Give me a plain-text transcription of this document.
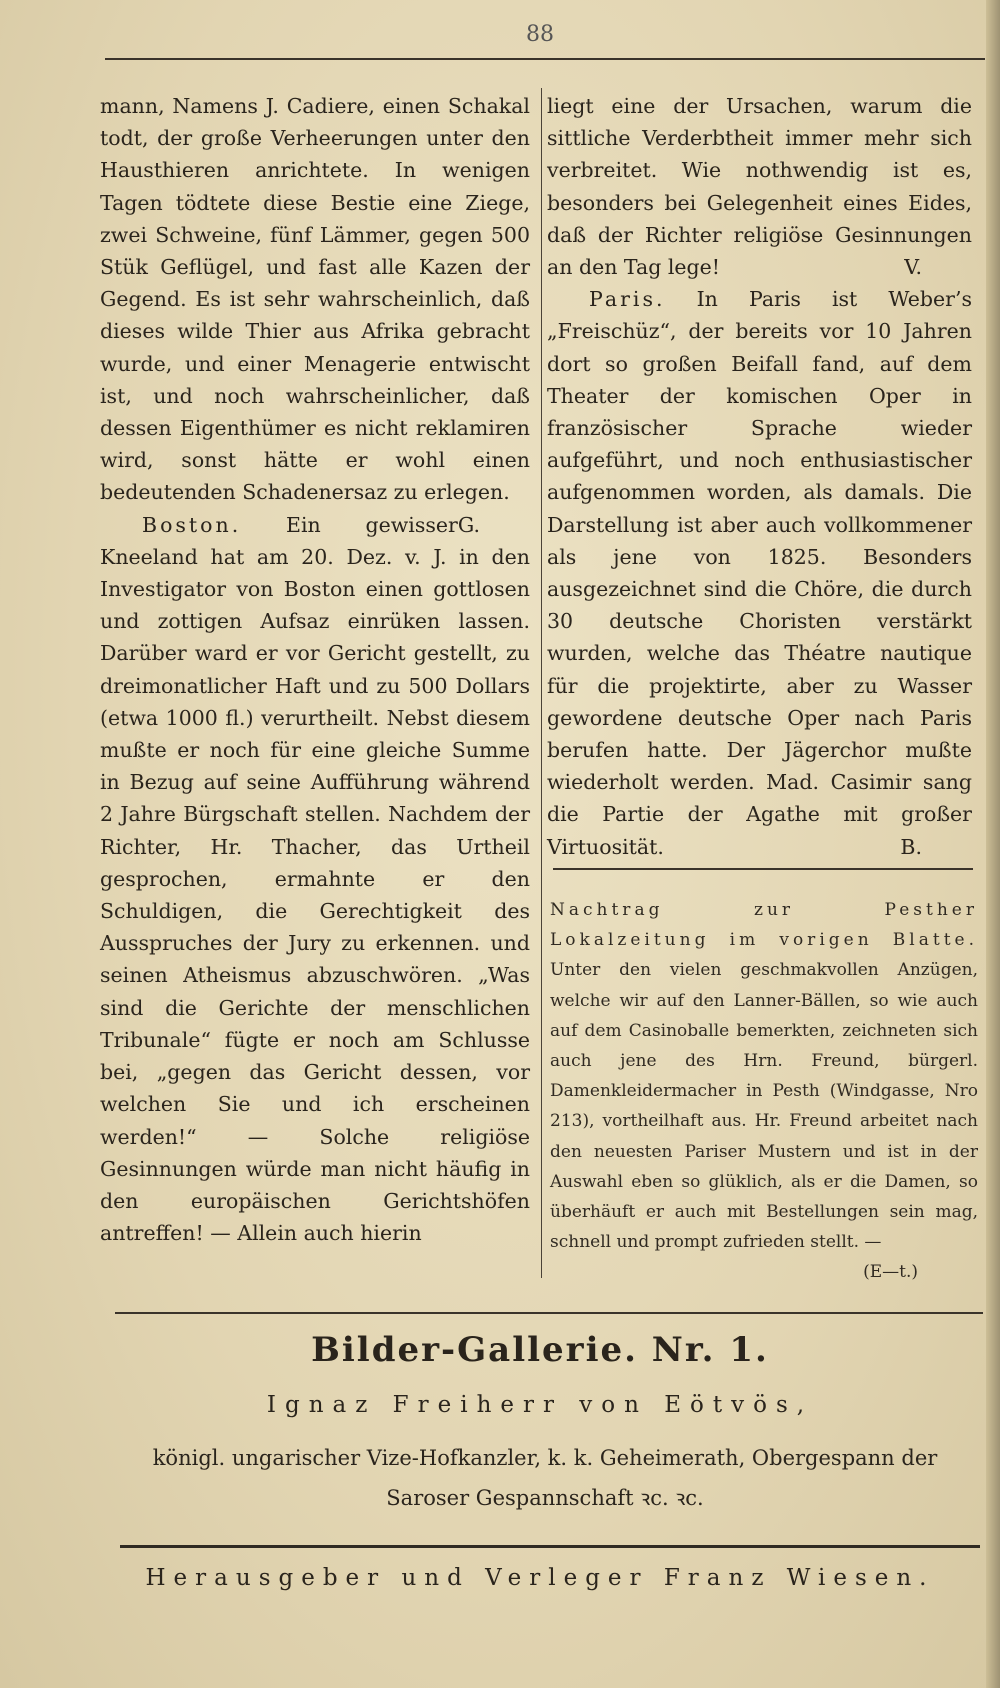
88

mann, Namens J. Cadiere, einen Schakal todt, der große Verheerungen unter den Hausthieren anrichtete. In wenigen Tagen tödtete diese Bestie eine Ziege, zwei Schweine, fünf Lämmer, gegen 500 Stük Geflügel, und fast alle Kazen der Gegend. Es ist sehr wahrscheinlich, daß dieses wilde Thier aus Afrika gebracht wurde, und einer Menagerie entwischt ist, und noch wahrscheinlicher, daß dessen Eigenthümer es nicht reklamiren wird, sonst hätte er wohl einen bedeutenden Schadenersaz zu erlegen.
G.

Boston. Ein gewisser Kneeland hat am 20. Dez. v. J. in den Investigator von Boston einen gottlosen und zottigen Aufsaz einrüken lassen. Darüber ward er vor Gericht gestellt, zu dreimonatlicher Haft und zu 500 Dollars (etwa 1000 fl.) verurtheilt. Nebst diesem mußte er noch für eine gleiche Summe in Bezug auf seine Aufführung während 2 Jahre Bürgschaft stellen. Nachdem der Richter, Hr. Thacher, das Urtheil gesprochen, ermahnte er den Schuldigen, die Gerechtigkeit des Ausspruches der Jury zu erkennen. und seinen Atheismus abzuschwören. „Was sind die Gerichte der menschlichen Tribunale“ fügte er noch am Schlusse bei, „gegen das Gericht dessen, vor welchen Sie und ich erscheinen werden!“ — Solche religiöse Gesinnungen würde man nicht häufig in den europäischen Gerichtshöfen antreffen! — Allein auch hierin

liegt eine der Ursachen, warum die sittliche Verderbtheit immer mehr sich verbreitet. Wie nothwendig ist es, besonders bei Gelegenheit eines Eides, daß der Richter religiöse Gesinnungen an den Tag lege!	V.

Paris. In Paris ist Weber’s „Freischüz“, der bereits vor 10 Jahren dort so großen Beifall fand, auf dem Theater der komischen Oper in französischer Sprache wieder aufgeführt, und noch enthusiastischer aufgenommen worden, als damals. Die Darstellung ist aber auch vollkommener als jene von 1825. Besonders ausgezeichnet sind die Chöre, die durch 30 deutsche Choristen verstärkt wurden, welche das Théatre nautique für die projektirte, aber zu Wasser gewordene deutsche Oper nach Paris berufen hatte. Der Jägerchor mußte wiederholt werden. Mad. Casimir sang die Partie der Agathe mit großer Virtuosität.	B.

Nachtrag zur Pesther Lokalzeitung im vorigen Blatte. Unter den vielen geschmakvollen Anzügen, welche wir auf den Lanner-Bällen, so wie auch auf dem Casinoballe bemerkten, zeichneten sich auch jene des Hrn. Freund, bürgerl. Damenkleidermacher in Pesth (Windgasse, Nro 213), vortheilhaft aus. Hr. Freund arbeitet nach den neuesten Pariser Mustern und ist in der Auswahl eben so glüklich, als er die Damen, so überhäuft er auch mit Bestellungen sein mag, schnell und prompt zufrieden stellt. —
(E—t.)
Bilder-Gallerie. Nr. 1.
Ignaz Freiherr von Eötvös,
königl. ungarischer Vize-Hofkanzler, k. k. Geheimerath, Obergespann der Saroser Gespannschaft ꝛc. ꝛc.
Herausgeber und Verleger Franz Wiesen.
